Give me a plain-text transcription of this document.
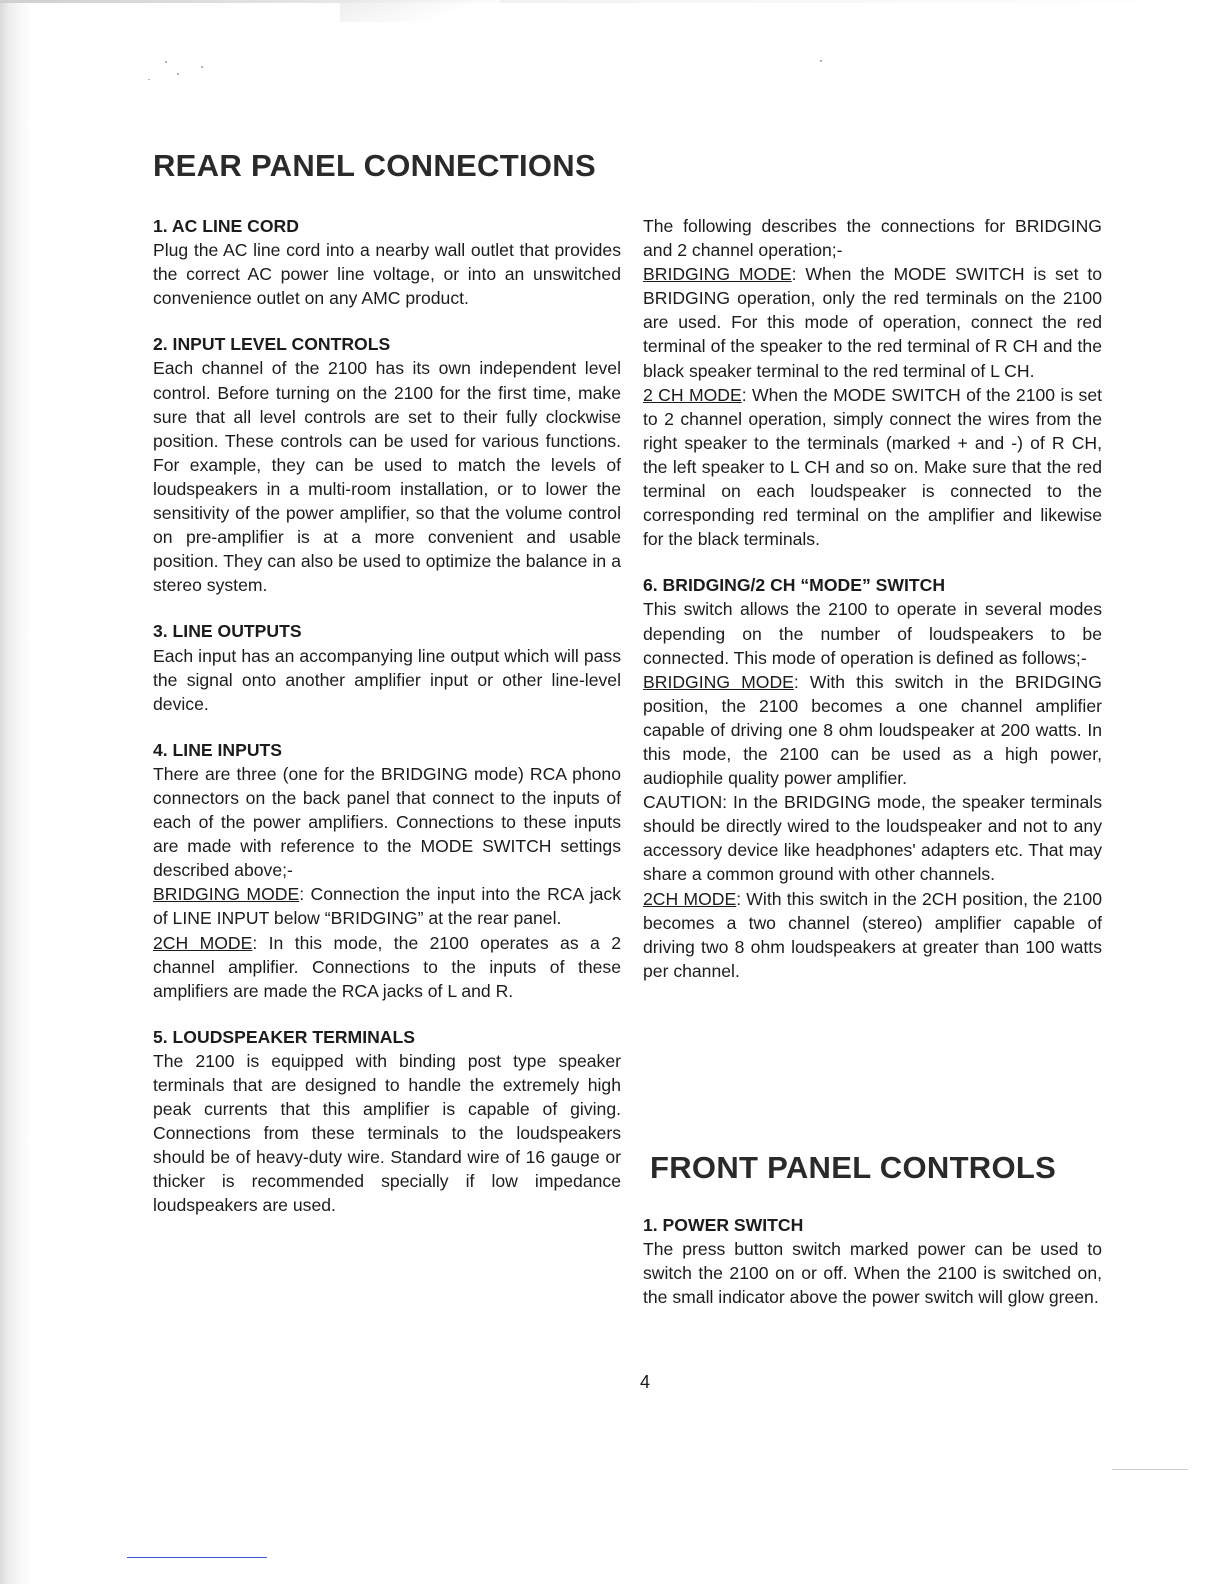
REAR PANEL CONNECTIONS

1. AC LINE CORD

Plug the AC line cord into a nearby wall outlet that provides the correct AC power line voltage, or into an unswitched convenience outlet on any AMC product.

2. INPUT LEVEL CONTROLS

Each channel of the 2100 has its own independent level control. Before turning on the 2100 for the first time, make sure that all level controls are set to their fully clockwise position. These controls can be used for various functions. For example, they can be used to match the levels of loudspeakers in a multi-room installation, or to lower the sensitivity of the power amplifier, so that the volume control on pre-amplifier is at a more convenient and usable position. They can also be used to optimize the balance in a stereo system.

3. LINE OUTPUTS

Each input has an accompanying line output which will pass the signal onto another amplifier input or other line-level device.

4. LINE INPUTS

There are three (one for the BRIDGING mode) RCA phono connectors on the back panel that connect to the inputs of each of the power amplifiers. Connections to these inputs are made with reference to the MODE SWITCH settings described above;-

BRIDGING MODE: Connection the input into the RCA jack of LINE INPUT below “BRIDGING” at the rear panel.

2CH MODE: In this mode, the 2100 operates as a 2 channel amplifier. Connections to the inputs of these amplifiers are made the RCA jacks of L and R.

5. LOUDSPEAKER TERMINALS

The 2100 is equipped with binding post type speaker terminals that are designed to handle the extremely high peak currents that this amplifier is capable of giving. Connections from these terminals to the loudspeakers should be of heavy-duty wire. Standard wire of 16 gauge or thicker is recommended specially if low impedance loudspeakers are used.

The following describes the connections for BRIDGING and 2 channel operation;-

BRIDGING MODE: When the MODE SWITCH is set to BRIDGING operation, only the red terminals on the 2100 are used. For this mode of operation, connect the red terminal of the speaker to the red terminal of R CH and the black speaker terminal to the red terminal of L CH.

2 CH MODE: When the MODE SWITCH of the 2100 is set to 2 channel operation, simply connect the wires from the right speaker to the terminals (marked + and -) of R CH, the left speaker to L CH and so on. Make sure that the red terminal on each loudspeaker is connected to the corresponding red terminal on the amplifier and likewise for the black terminals.

6. BRIDGING/2 CH “MODE” SWITCH

This switch allows the 2100 to operate in several modes depending on the number of loudspeakers to be connected. This mode of operation is defined as follows;-

BRIDGING MODE: With this switch in the BRIDGING position, the 2100 becomes a one channel amplifier capable of driving one 8 ohm loudspeaker at 200 watts. In this mode, the 2100 can be used as a high power, audiophile quality power amplifier.

CAUTION: In the BRIDGING mode, the speaker terminals should be directly wired to the loudspeaker and not to any accessory device like headphones' adapters etc. That may share a common ground with other channels.

2CH MODE: With this switch in the 2CH position, the 2100 becomes a two channel (stereo) amplifier capable of driving two 8 ohm loudspeakers at greater than 100 watts per channel.

FRONT PANEL CONTROLS

1. POWER SWITCH

The press button switch marked power can be used to switch the 2100 on or off. When the 2100 is switched on, the small indicator above the power switch will glow green.

4
